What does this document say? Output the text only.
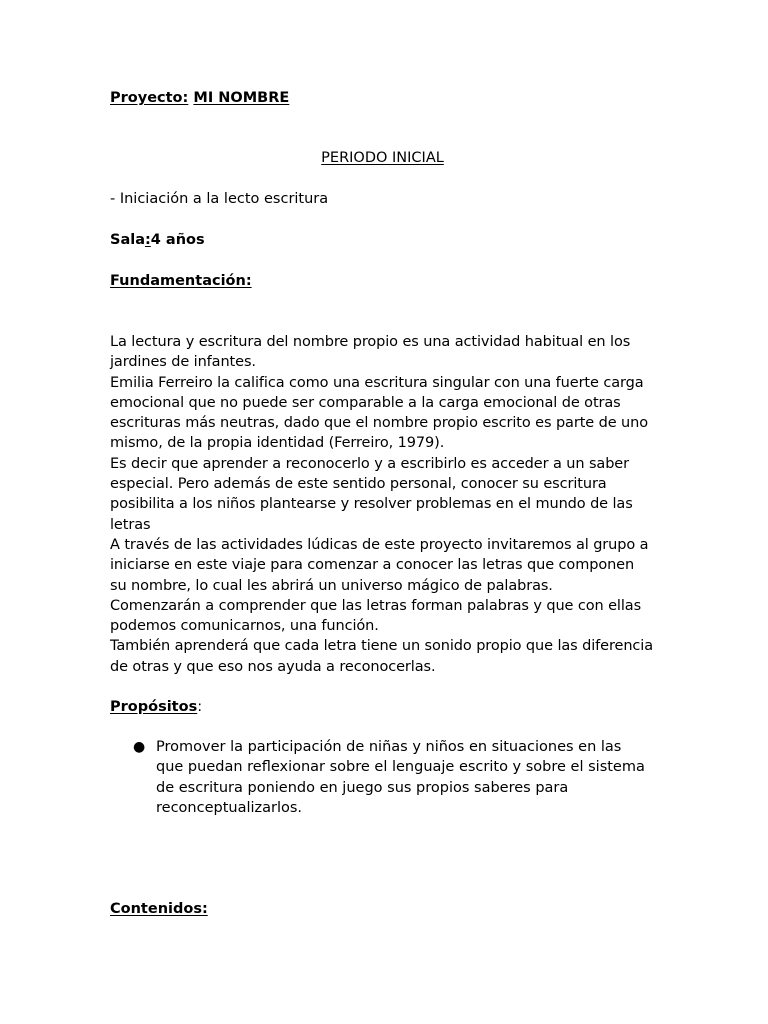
Proyecto: MI NOMBRE
PERIODO INICIAL
- Iniciación a la lecto escritura
Sala:4 años
Fundamentación:

La lectura y escritura del nombre propio es una actividad habitual en los jardines de infantes.

Emilia Ferreiro la califica como una escritura singular con una fuerte carga emocional que no puede ser comparable a la carga emocional de otras escrituras más neutras, dado que el nombre propio escrito es parte de uno mismo, de la propia identidad (Ferreiro, 1979).

Es decir que aprender a reconocerlo y a escribirlo es acceder a un saber especial. Pero además de este sentido personal, conocer su escritura posibilita a los niños plantearse y resolver problemas en el mundo de las letras

A través de las actividades lúdicas de este proyecto invitaremos al grupo a iniciarse en este viaje para comenzar a conocer las letras que componen su nombre, lo cual les abrirá un universo mágico de palabras.

Comenzarán a comprender que las letras forman palabras y que con ellas podemos comunicarnos, una función.

También aprenderá que cada letra tiene un sonido propio que las diferencia de otras y que eso nos ayuda a reconocerlas.

Propósitos:
● Promover la participación de niñas y niños en situaciones en las que puedan reflexionar sobre el lenguaje escrito y sobre el sistema de escritura poniendo en juego sus propios saberes para reconceptualizarlos.
Contenidos:
